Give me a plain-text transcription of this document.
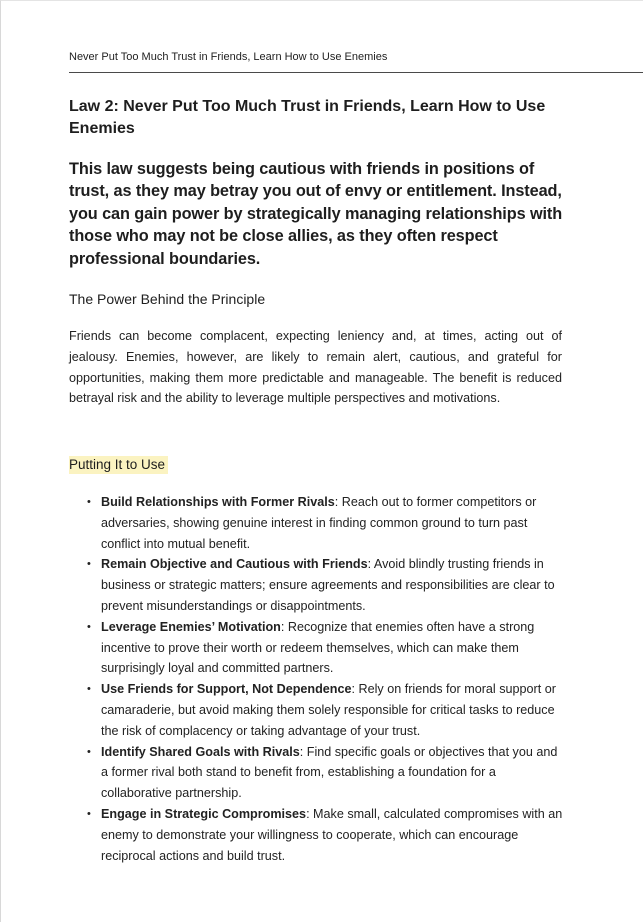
Never Put Too Much Trust in Friends, Learn How to Use Enemies
Law 2: Never Put Too Much Trust in Friends, Learn How to Use Enemies
This law suggests being cautious with friends in positions of trust, as they may betray you out of envy or entitlement. Instead, you can gain power by strategically managing relationships with those who may not be close allies, as they often respect professional boundaries.
The Power Behind the Principle
Friends can become complacent, expecting leniency and, at times, acting out of jealousy. Enemies, however, are likely to remain alert, cautious, and grateful for opportunities, making them more predictable and manageable. The benefit is reduced betrayal risk and the ability to leverage multiple perspectives and motivations.
Putting It to Use
• Build Relationships with Former Rivals: Reach out to former competitors or adversaries, showing genuine interest in finding common ground to turn past conflict into mutual benefit.
• Remain Objective and Cautious with Friends: Avoid blindly trusting friends in business or strategic matters; ensure agreements and responsibilities are clear to prevent misunderstandings or disappointments.
• Leverage Enemies’ Motivation: Recognize that enemies often have a strong incentive to prove their worth or redeem themselves, which can make them surprisingly loyal and committed partners.
• Use Friends for Support, Not Dependence: Rely on friends for moral support or camaraderie, but avoid making them solely responsible for critical tasks to reduce the risk of complacency or taking advantage of your trust.
• Identify Shared Goals with Rivals: Find specific goals or objectives that you and a former rival both stand to benefit from, establishing a foundation for a collaborative partnership.
• Engage in Strategic Compromises: Make small, calculated compromises with an enemy to demonstrate your willingness to cooperate, which can encourage reciprocal actions and build trust.
